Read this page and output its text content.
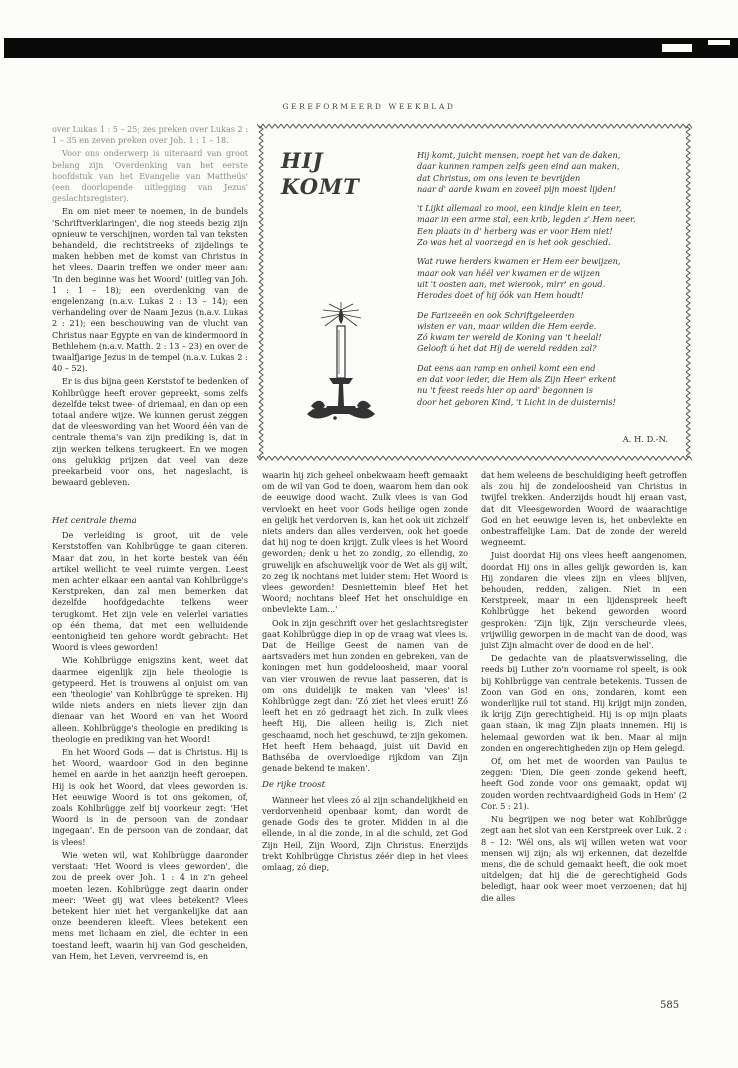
GEREFORMEERD WEEKBLAD

over Lukas 1 : 5 – 25; zes preken over Lukas 2 : 1 – 35 en zeven preken over Joh. 1 : 1 – 18.

Voor ons onderwerp is uiteraard van groot belang zijn 'Overdenking van het eerste hoofdstuk van het Evangelie van Mattheüs' (een doorlopende uitlegging van Jezus' geslachtsregister).

En om niet meer te noemen, in de bundels 'Schriftverklaringen', die nog steeds bezig zijn opnieuw te verschijnen, worden tal van teksten behandeld, die rechtstreeks of zijdelings te maken hebben met de komst van Christus in het vlees. Daarin treffen we onder meer aan: 'In den beginne was het Woord' (uitleg van Joh. 1 : 1 – 18); een overdenking van de engelenzang (n.a.v. Lukas 2 : 13 – 14); een verhandeling over de Naam Jezus (n.a.v. Lukas 2 : 21); een beschouwing van de vlucht van Christus naar Egypte en van de kindermoord in Bethlehem (n.a.v. Matth. 2 : 13 – 23) en over de twaalfjarige Jezus in de tempel (n.a.v. Lukas 2 : 40 – 52).

Er is dus bijna geen Kerststof te bedenken of Kohlbrügge heeft erover gepreekt, soms zelfs dezelfde tekst twee- of driemaal, en dan op een totaal andere wijze. We kunnen gerust zeggen dat de vleeswording van het Woord één van de centrale thema's van zijn prediking is, dat in zijn werken telkens terugkeert. En we mogen ons gelukkig prijzen dat veel van deze preekarbeid voor ons, het nageslacht, is bewaard gebleven.

HIJ
KOMT
Hij komt, juicht mensen, roept het van de daken,
daar kunnen rampen zelfs geen eind aan maken,
dat Christus, om ons leven te bevrijden
naar d' aarde kwam en zoveel pijn moest lijden!
't Lijkt allemaal zo mooi, een kindje klein en teer,
maar in een arme stal, een krib, legden z' Hem neer.
Een plaats in d' herberg was er voor Hem niet!
Zo was het al voorzegd en is het ook geschied.
Wat ruwe herders kwamen er Hem eer bewijzen,
maar ook van héél ver kwamen er de wijzen
uit 't oosten aan, met wierook, mirr' en goud.
Herodes doet of hij óók van Hem houdt!
De Farizeeën en ook Schriftgeleerden
wisten er van, maar wilden die Hem eerde.
Zó kwam ter wereld de Koning van 't heelal!
Gelooft ú het dat Híj de wereld redden zal?
Dat eens aan ramp en onheil komt een end
en dat voor ieder, die Hem als Zijn Heer' erkent
nu 't feest reeds hier op aard' begonnen is
door het geboren Kind, 't Licht in de duisternis!
A. H. D.-N.
Het centrale thema

De verleiding is groot, uit de vele Kerststoffen van Kohlbrügge te gaan citeren. Maar dat zou, in het korte bestek van één artikel wellicht te veel ruimte vergen. Leest men achter elkaar een aantal van Kohlbrügge's Kerstpreken, dan zal men bemerken dat dezelfde hoofdgedachte telkens weer terugkomt. Het zijn vele en velerlei variaties op één thema, dat met een welluidende eentonigheid ten gehore wordt gebracht: Het Woord is vlees geworden!

Wie Kohlbrügge enigszins kent, weet dat daarmee eigenlijk zijn hele theologie is getypeerd. Het is trouwens al onjuist om van een 'theologie' van Kohlbrügge te spreken. Hij wilde niets anders en niets liever zijn dan dienaar van het Woord en van het Woord alleen. Kohlbrügge's theologie en prediking is theologie en prediking van het Woord!

En het Woord Gods — dat is Christus. Hij is het Woord, waardoor God in den beginne hemel en aarde in het aanzijn heeft geroepen. Hij is ook het Woord, dat vlees geworden is. Het eeuwige Woord is tot ons gekomen, of, zoals Kohlbrügge zelf bij voorkeur zegt: 'Het Woord is in de persoon van de zondaar ingegaan'. En de persoon van de zondaar, dat is vlees!

Wie weten wil, wat Kohlbrügge daaronder verstaat: 'Het Woord is vlees geworden', die zou de preek over Joh. 1 : 4 in z'n geheel moeten lezen. Kohlbrügge zegt daarin onder meer: 'Weet gij wat vlees betekent? Vlees betekent hier niet het vergankelijke dat aan onze beenderen kleeft. Vlees betekent een mens met lichaam en ziel, die echter in een toestand leeft, waarin hij van God gescheiden, van Hem, het Leven, vervreemd is, en

waarin hij zich geheel onbekwaam heeft gemaakt om de wil van God te doen, waarom hem dan ook de eeuwige dood wacht. Zulk vlees is van God vervloekt en heet voor Gods heilige ogen zonde en gelijk het verdorven is, kan het ook uit zichzelf niets anders dan alles verderven, ook het goede dat hij nog te doen krijgt. Zulk vlees is het Woord geworden; denk u het zo zondig, zo ellendig, zo gruwelijk en afschuwelijk voor de Wet als gij wilt, zo zeg ik nochtans met luider stem: Het Woord is vlees geworden! Desniettemin bleef Het het Woord; nochtans bleef Het het onschuldige en onbevlekte Lam...'

Ook in zijn geschrift over het geslachtsregister gaat Kohlbrügge diep in op de vraag wat vlees is. Dat de Heilige Geest de namen van de aartsvaders met hun zonden en gebreken, van de koningen met hun goddeloosheid, maar vooral van vier vrouwen de revue laat passeren, dat is om ons duidelijk te maken van 'vlees' is! Kohlbrügge zegt dan: 'Zó ziet het vlees eruit! Zó leeft het en zó gedraagt het zich. In zulk vlees heeft Hij, Die alleen heilig is, Zich niet geschaamd, noch het geschuwd, te zijn gekomen. Het heeft Hem behaagd, juist uit David en Bathséba de overvloedige rijkdom van Zijn genade bekend te maken'.

De rijke troost

Wanneer het vlees zó al zijn schandelijkheid en verdorvenheid openbaar komt, dan wordt de genade Gods des te groter. Midden in al die ellende, in al die zonde, in al die schuld, zet God Zijn Heil, Zijn Woord, Zijn Christus. Enerzijds trekt Kohlbrügge Christus zéér diep in het vlees omlaag, zó diep,

dat hem weleens de beschuldiging heeft getroffen als zou hij de zondeloosheid van Christus in twijfel trekken. Anderzijds houdt hij eraan vast, dat dit Vleesgeworden Woord de waarachtige God en het eeuwige leven is, het onbevlekte en onbestraffelijke Lam. Dat de zonde der wereld wegneemt.

Juist doordat Hij ons vlees heeft aangenomen, doordat Hij ons in alles gelijk geworden is, kan Hij zondaren die vlees zijn en vlees blijven, behouden, redden, zaligen. Niet in een Kerstpreek, maar in een lijdenspreek heeft Kohlbrügge het bekend geworden woord gesproken: 'Zijn lijk, Zijn verscheurde vlees, vrijwillig geworpen in de macht van de dood, was juist Zijn almacht over de dood en de hel'.

De gedachte van de plaatsverwisseling, die reeds bij Luther zo'n voorname rol speelt, is ook bij Kohlbrügge van centrale betekenis. Tussen de Zoon van God en ons, zondaren, komt een wonderlijke ruil tot stand. Hij krijgt mijn zonden, ik krijg Zijn gerechtigheid. Hij is op mijn plaats gaan staan, ik mag Zijn plaats innemen. Hij is helemaal geworden wat ik ben. Maar al mijn zonden en ongerechtigheden zijn op Hem gelegd.

Of, om het met de woorden van Paulus te zeggen: 'Dien, Die geen zonde gekend heeft, heeft God zonde voor ons gemaakt, opdat wij zouden worden rechtvaardigheid Gods in Hem' (2 Cor. 5 : 21).

Nu begrijpen we nog beter wat Kohlbrügge zegt aan het slot van een Kerstpreek over Luk. 2 : 8 – 12: 'Wél ons, als wij willen weten wat voor mensen wij zijn; als wij erkennen, dat dezelfde mens, die de schuld gemaakt heeft, die ook moet uitdelgen; dat hij die de gerechtigheid Gods beledigt, haar ook weer moet verzoenen; dat hij die alles

585
